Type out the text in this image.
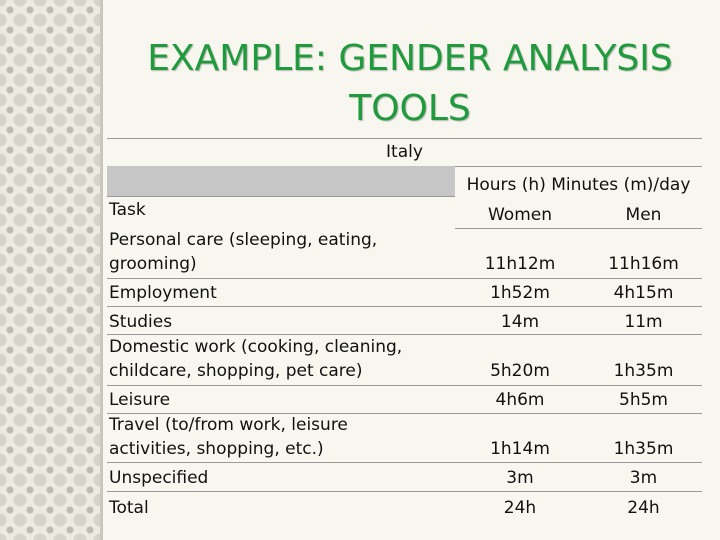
EXAMPLE: GENDER ANALYSIS
TOOLS
Italy
Hours (h) Minutes (m)/day
Task	Women	Men
Personal care (sleeping, eating,
grooming)	11h12m	11h16m
Employment	1h52m	4h15m
Studies	14m	11m
Domestic work (cooking, cleaning,
childcare, shopping, pet care)	5h20m	1h35m
Leisure	4h6m	5h5m
Travel (to/from work, leisure
activities, shopping, etc.)	1h14m	1h35m
Unspecified	3m	3m
Total	24h	24h
